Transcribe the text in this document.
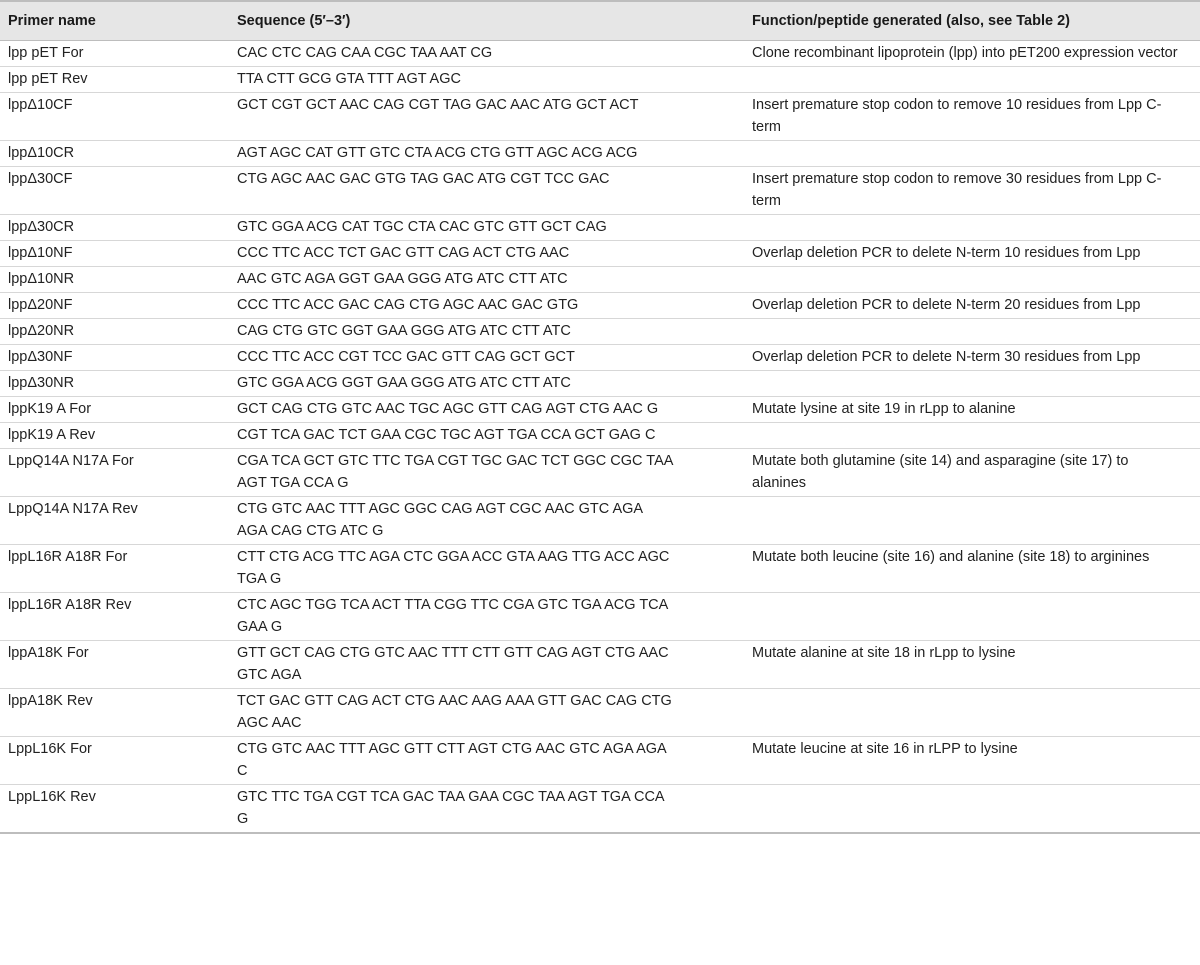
Primer name	Sequence (5′–3′)	Function/peptide generated (also, see Table 2)
lpp pET For	CAC CTC CAG CAA CGC TAA AAT CG	Clone recombinant lipoprotein (lpp) into pET200 expression vector
lpp pET Rev	TTA CTT GCG GTA TTT AGT AGC	
lppΔ10CF	GCT CGT GCT AAC CAG CGT TAG GAC AAC ATG GCT ACT	Insert premature stop codon to remove 10 residues from Lpp C-term
lppΔ10CR	AGT AGC CAT GTT GTC CTA ACG CTG GTT AGC ACG ACG	
lppΔ30CF	CTG AGC AAC GAC GTG TAG GAC ATG CGT TCC GAC	Insert premature stop codon to remove 30 residues from Lpp C-term
lppΔ30CR	GTC GGA ACG CAT TGC CTA CAC GTC GTT GCT CAG	
lppΔ10NF	CCC TTC ACC TCT GAC GTT CAG ACT CTG AAC	Overlap deletion PCR to delete N-term 10 residues from Lpp
lppΔ10NR	AAC GTC AGA GGT GAA GGG ATG ATC CTT ATC	
lppΔ20NF	CCC TTC ACC GAC CAG CTG AGC AAC GAC GTG	Overlap deletion PCR to delete N-term 20 residues from Lpp
lppΔ20NR	CAG CTG GTC GGT GAA GGG ATG ATC CTT ATC	
lppΔ30NF	CCC TTC ACC CGT TCC GAC GTT CAG GCT GCT	Overlap deletion PCR to delete N-term 30 residues from Lpp
lppΔ30NR	GTC GGA ACG GGT GAA GGG ATG ATC CTT ATC	
lppK19 A For	GCT CAG CTG GTC AAC TGC AGC GTT CAG AGT CTG AAC G	Mutate lysine at site 19 in rLpp to alanine
lppK19 A Rev	CGT TCA GAC TCT GAA CGC TGC AGT TGA CCA GCT GAG C	
LppQ14A N17A For	CGA TCA GCT GTC TTC TGA CGT TGC GAC TCT GGC CGC TAA AGT TGA CCA G	Mutate both glutamine (site 14) and asparagine (site 17) to alanines
LppQ14A N17A Rev	CTG GTC AAC TTT AGC GGC CAG AGT CGC AAC GTC AGA AGA CAG CTG ATC G	
lppL16R A18R For	CTT CTG ACG TTC AGA CTC GGA ACC GTA AAG TTG ACC AGC TGA G	Mutate both leucine (site 16) and alanine (site 18) to arginines
lppL16R A18R Rev	CTC AGC TGG TCA ACT TTA CGG TTC CGA GTC TGA ACG TCA GAA G	
lppA18K For	GTT GCT CAG CTG GTC AAC TTT CTT GTT CAG AGT CTG AAC GTC AGA	Mutate alanine at site 18 in rLpp to lysine
lppA18K Rev	TCT GAC GTT CAG ACT CTG AAC AAG AAA GTT GAC CAG CTG AGC AAC	
LppL16K For	CTG GTC AAC TTT AGC GTT CTT AGT CTG AAC GTC AGA AGA C	Mutate leucine at site 16 in rLPP to lysine
LppL16K Rev	GTC TTC TGA CGT TCA GAC TAA GAA CGC TAA AGT TGA CCA G	
